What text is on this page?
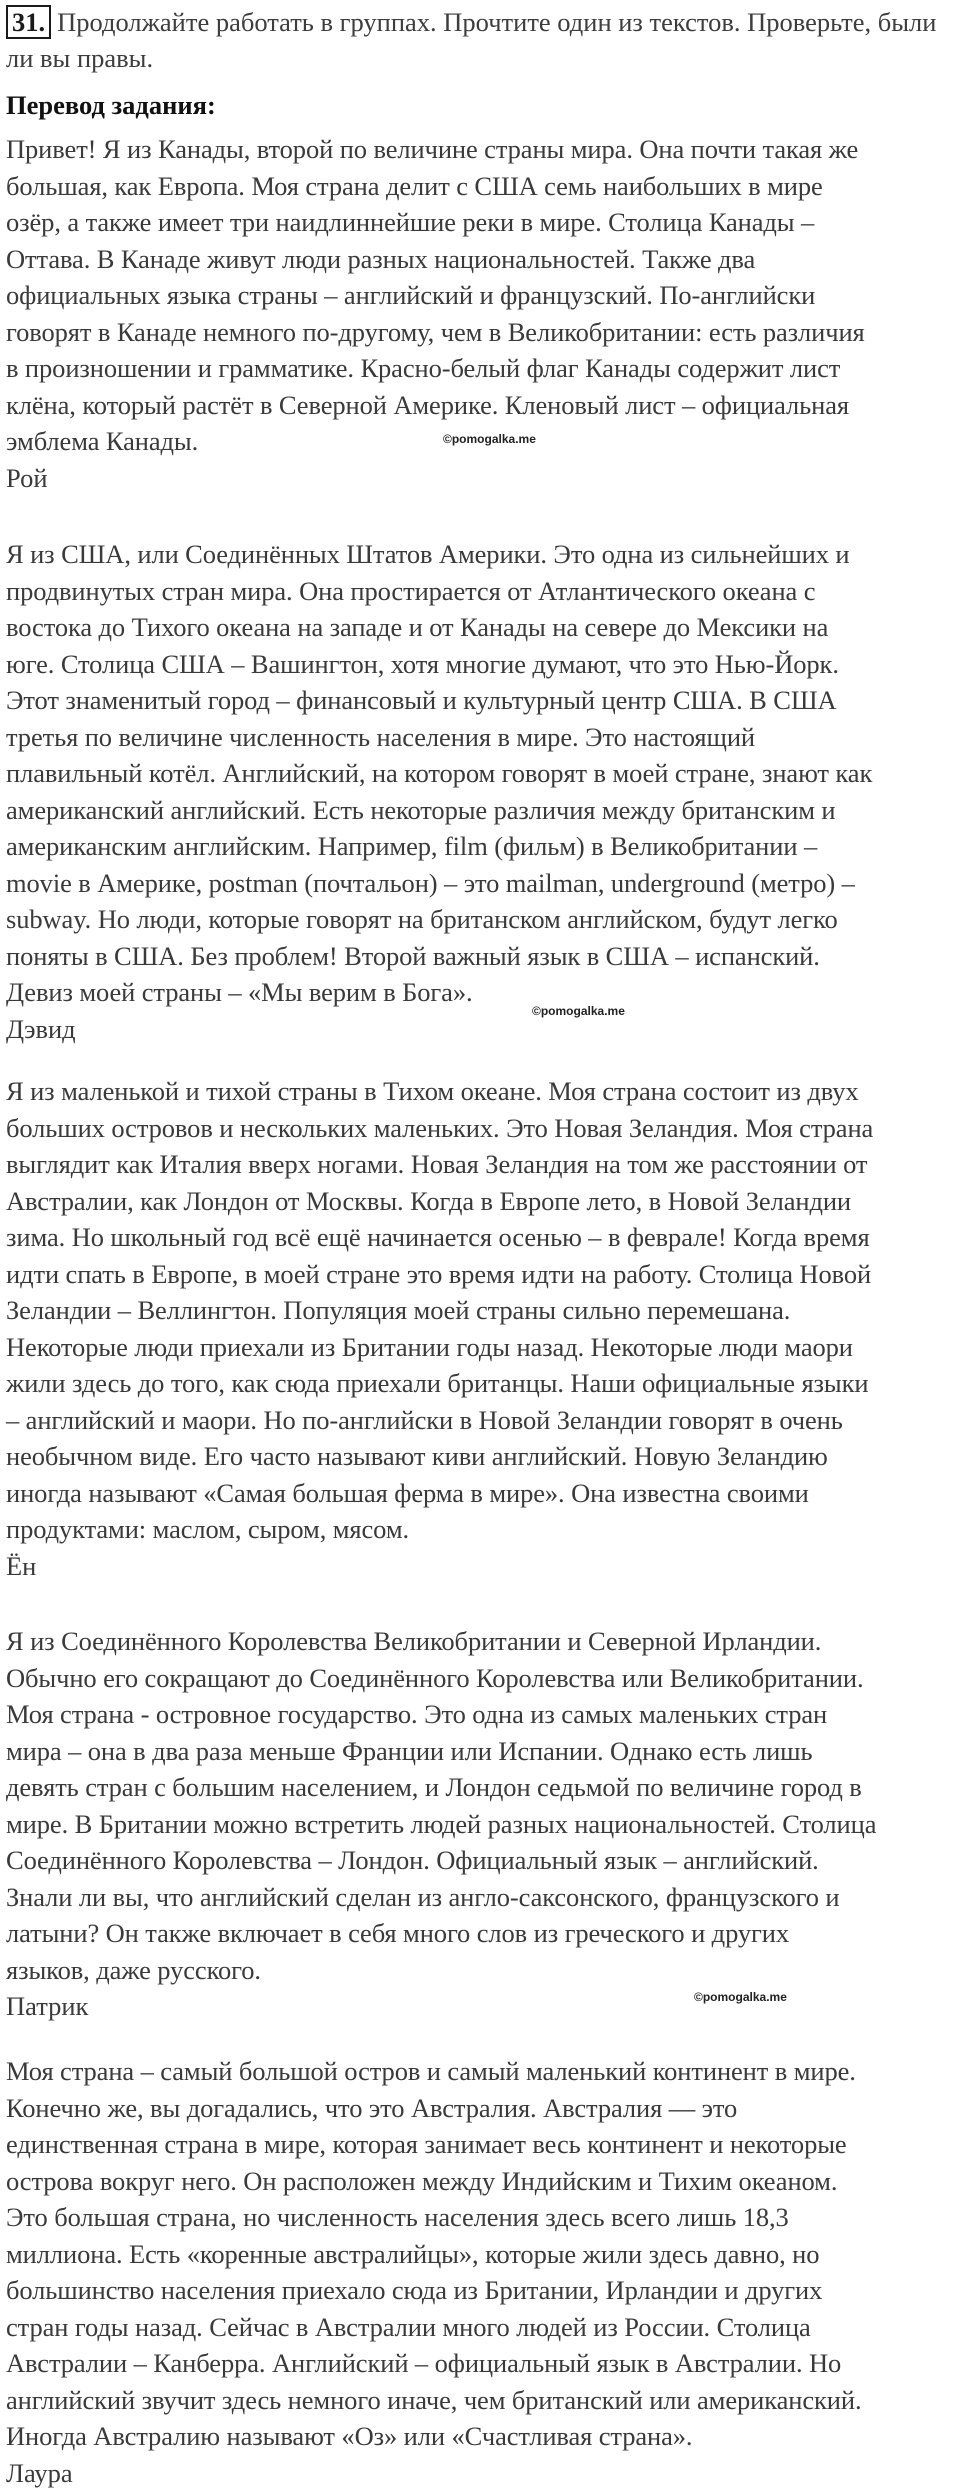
31. Продолжайте работать в группах. Прочтите один из текстов. Проверьте, были ли вы правы.
Перевод задания:

Привет! Я из Канады, второй по величине страны мира. Она почти такая же
большая, как Европа. Моя страна делит с США семь наибольших в мире
озёр, а также имеет три наидлиннейшие реки в мире. Столица Канады –
Оттава. В Канаде живут люди разных национальностей. Также два
официальных языка страны – английский и французский. По-английски
говорят в Канаде немного по-другому, чем в Великобритании: есть различия
в произношении и грамматике. Красно-белый флаг Канады содержит лист
клёна, который растёт в Северной Америке. Кленовый лист – официальная
эмблема Канады.

Рой

©pomogalka.me

Я из США, или Соединённых Штатов Америки. Это одна из сильнейших и
продвинутых стран мира. Она простирается от Атлантического океана с
востока до Тихого океана на западе и от Канады на севере до Мексики на
юге. Столица США – Вашингтон, хотя многие думают, что это Нью-Йорк.
Этот знаменитый город – финансовый и культурный центр США. В США
третья по величине численность населения в мире. Это настоящий
плавильный котёл. Английский, на котором говорят в моей стране, знают как
американский английский. Есть некоторые различия между британским и
американским английским. Например, film (фильм) в Великобритании –
movie в Америке, postman (почтальон) – это mailman, underground (метро) –
subway. Но люди, которые говорят на британском английском, будут легко
поняты в США. Без проблем! Второй важный язык в США – испанский.
Девиз моей страны – «Мы верим в Бога».

Дэвид

©pomogalka.me

Я из маленькой и тихой страны в Тихом океане. Моя страна состоит из двух
больших островов и нескольких маленьких. Это Новая Зеландия. Моя страна
выглядит как Италия вверх ногами. Новая Зеландия на том же расстоянии от
Австралии, как Лондон от Москвы. Когда в Европе лето, в Новой Зеландии
зима. Но школьный год всё ещё начинается осенью – в феврале! Когда время
идти спать в Европе, в моей стране это время идти на работу. Столица Новой
Зеландии – Веллингтон. Популяция моей страны сильно перемешана.
Некоторые люди приехали из Британии годы назад. Некоторые люди маори
жили здесь до того, как сюда приехали британцы. Наши официальные языки
– английский и маори. Но по-английски в Новой Зеландии говорят в очень
необычном виде. Его часто называют киви английский. Новую Зеландию
иногда называют «Самая большая ферма в мире». Она известна своими
продуктами: маслом, сыром, мясом.

Ён

Я из Соединённого Королевства Великобритании и Северной Ирландии.
Обычно его сокращают до Соединённого Королевства или Великобритании.
Моя страна - островное государство. Это одна из самых маленьких стран
мира – она в два раза меньше Франции или Испании. Однако есть лишь
девять стран с большим населением, и Лондон седьмой по величине город в
мире. В Британии можно встретить людей разных национальностей. Столица
Соединённого Королевства – Лондон. Официальный язык – английский.
Знали ли вы, что английский сделан из англо-саксонского, французского и
латыни? Он также включает в себя много слов из греческого и других
языков, даже русского.

Патрик	©pomogalka.me

Моя страна – самый большой остров и самый маленький континент в мире.
Конечно же, вы догадались, что это Австралия. Австралия — это
единственная страна в мире, которая занимает весь континент и некоторые
острова вокруг него. Он расположен между Индийским и Тихим океаном.
Это большая страна, но численность населения здесь всего лишь 18,3
миллиона. Есть «коренные австралийцы», которые жили здесь давно, но
большинство населения приехало сюда из Британии, Ирландии и других
стран годы назад. Сейчас в Австралии много людей из России. Столица
Австралии – Канберра. Английский – официальный язык в Австралии. Но
английский звучит здесь немного иначе, чем британский или американский.
Иногда Австралию называют «Оз» или «Счастливая страна».

Лаура
